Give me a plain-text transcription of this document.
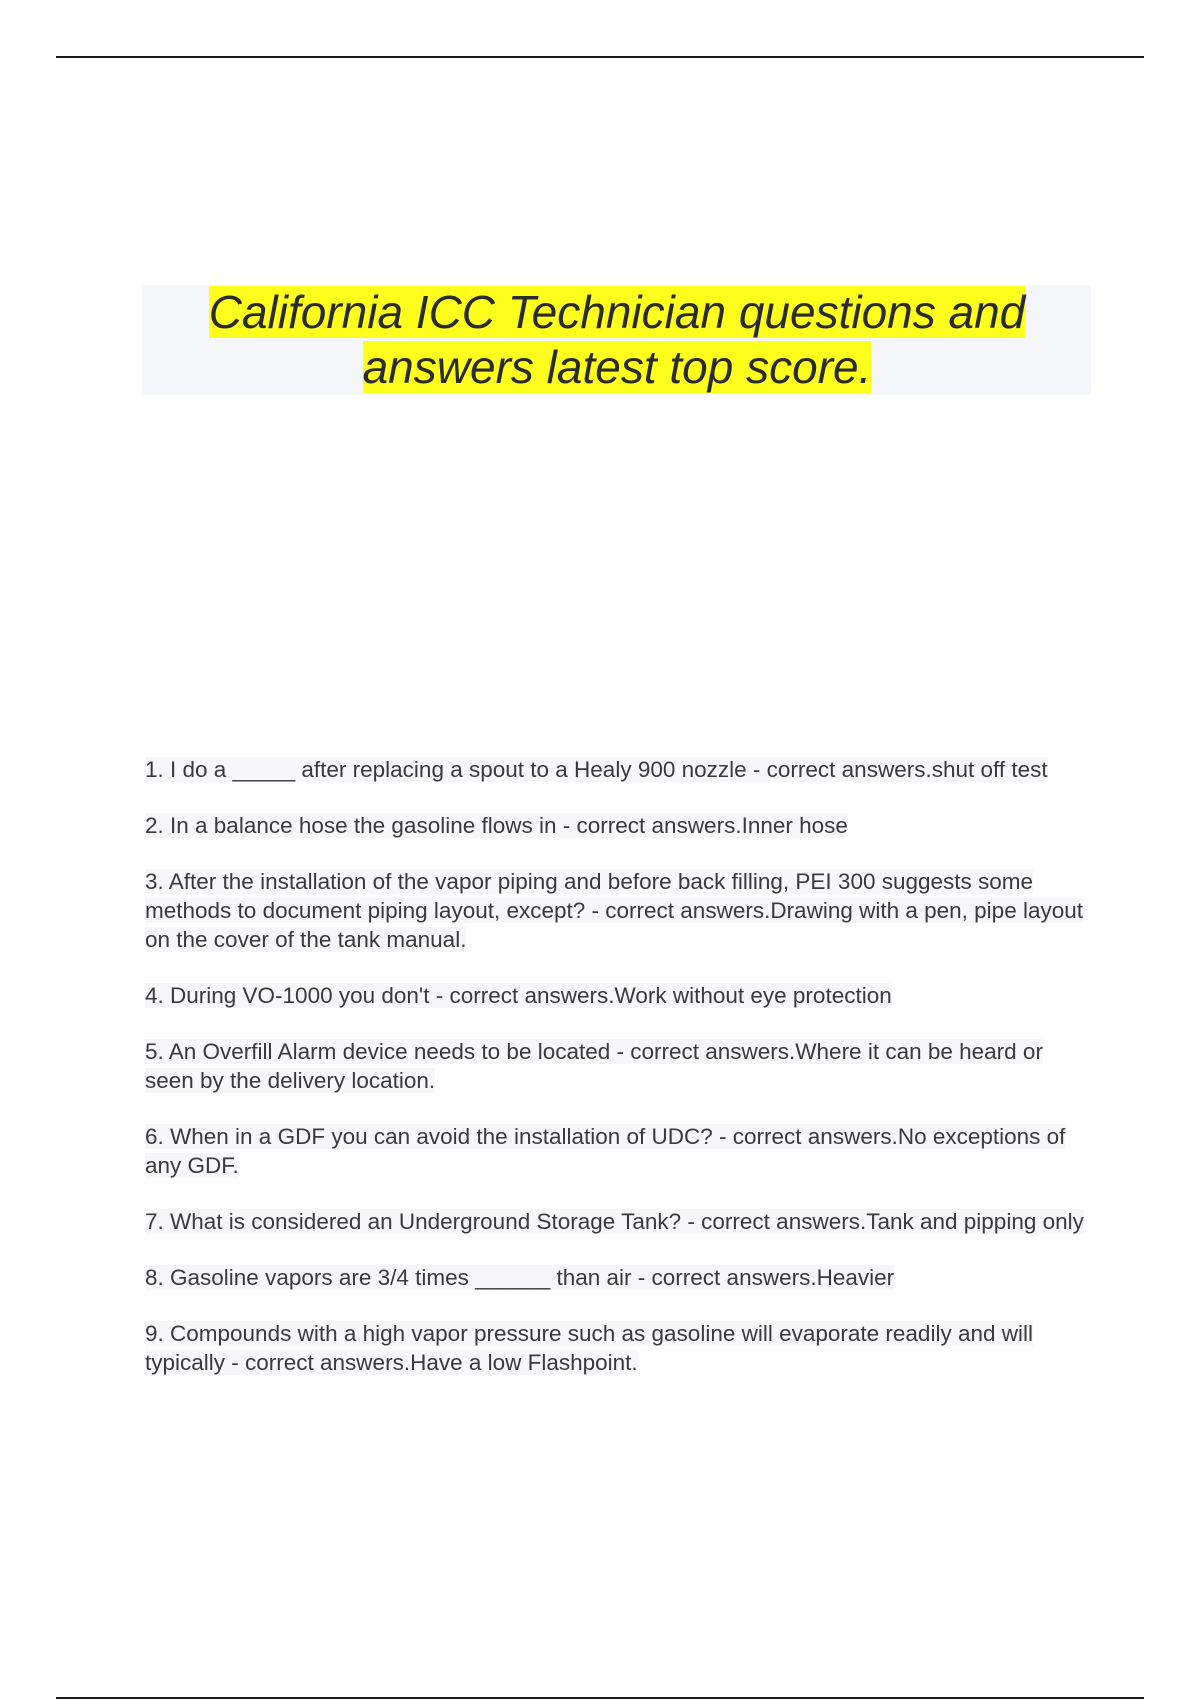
California ICC Technician questions and answers latest top score.
1. I do a _____ after replacing a spout to a Healy 900 nozzle - correct answers.shut off test
2. In a balance hose the gasoline flows in - correct answers.Inner hose
3. After the installation of the vapor piping and before back filling, PEI 300 suggests some methods to document piping layout, except? - correct answers.Drawing with a pen, pipe layout on the cover of the tank manual.
4. During VO-1000 you don't - correct answers.Work without eye protection
5. An Overfill Alarm device needs to be located - correct answers.Where it can be heard or seen by the delivery location.
6. When in a GDF you can avoid the installation of UDC? - correct answers.No exceptions of any GDF.
7. What is considered an Underground Storage Tank? - correct answers.Tank and pipping only
8. Gasoline vapors are 3/4 times ______ than air - correct answers.Heavier
9. Compounds with a high vapor pressure such as gasoline will evaporate readily and will typically - correct answers.Have a low Flashpoint.
